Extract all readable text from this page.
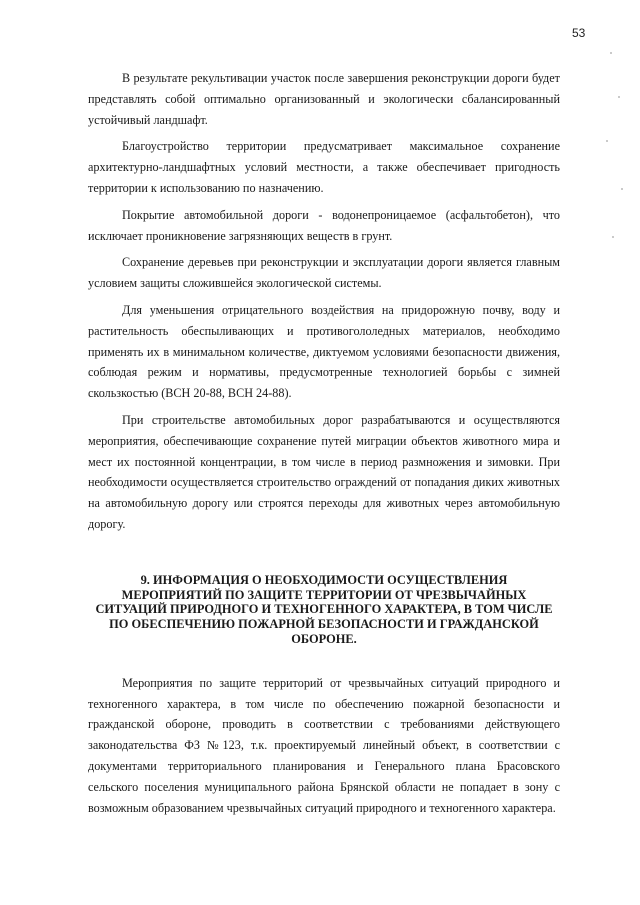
53

В результате рекультивации участок после завершения реконструкции дороги будет представлять собой оптимально организованный и экологически сбалансированный устойчивый ландшафт.

Благоустройство территории предусматривает максимальное сохранение архитектурно-ландшафтных условий местности, а также обеспечивает пригодность территории к использованию по назначению.

Покрытие автомобильной дороги - водонепроницаемое (асфальтобетон), что исключает проникновение загрязняющих веществ в грунт.

Сохранение деревьев при реконструкции и эксплуатации дороги является главным условием защиты сложившейся экологической системы.

Для уменьшения отрицательного воздействия на придорожную почву, воду и растительность обеспыливающих и противогололедных материалов, необходимо применять их в минимальном количестве, диктуемом условиями безопасности движения, соблюдая режим и нормативы, предусмотренные технологией борьбы с зимней скользкостью (ВСН 20-88, ВСН 24-88).

При строительстве автомобильных дорог разрабатываются и осуществляются мероприятия, обеспечивающие сохранение путей миграции объектов животного мира и мест их постоянной концентрации, в том числе в период размножения и зимовки. При необходимости осуществляется строительство ограждений от попадания диких животных на автомобильную дорогу или строятся переходы для животных через автомобильную дорогу.

9. ИНФОРМАЦИЯ О НЕОБХОДИМОСТИ ОСУЩЕСТВЛЕНИЯ МЕРОПРИЯТИЙ ПО ЗАЩИТЕ ТЕРРИТОРИИ ОТ ЧРЕЗВЫЧАЙНЫХ СИТУАЦИЙ ПРИРОДНОГО И ТЕХНОГЕННОГО ХАРАКТЕРА, В ТОМ ЧИСЛЕ ПО ОБЕСПЕЧЕНИЮ ПОЖАРНОЙ БЕЗОПАСНОСТИ И ГРАЖДАНСКОЙ ОБОРОНЕ.

Мероприятия по защите территорий от чрезвычайных ситуаций природного и техногенного характера, в том числе по обеспечению пожарной безопасности и гражданской обороне, проводить в соответствии с требованиями действующего законодательства ФЗ №123, т.к. проектируемый линейный объект, в соответствии с документами территориального планирования и Генерального плана Брасовского сельского поселения муниципального района Брянской области не попадает в зону с возможным образованием чрезвычайных ситуаций природного и техногенного характера.
